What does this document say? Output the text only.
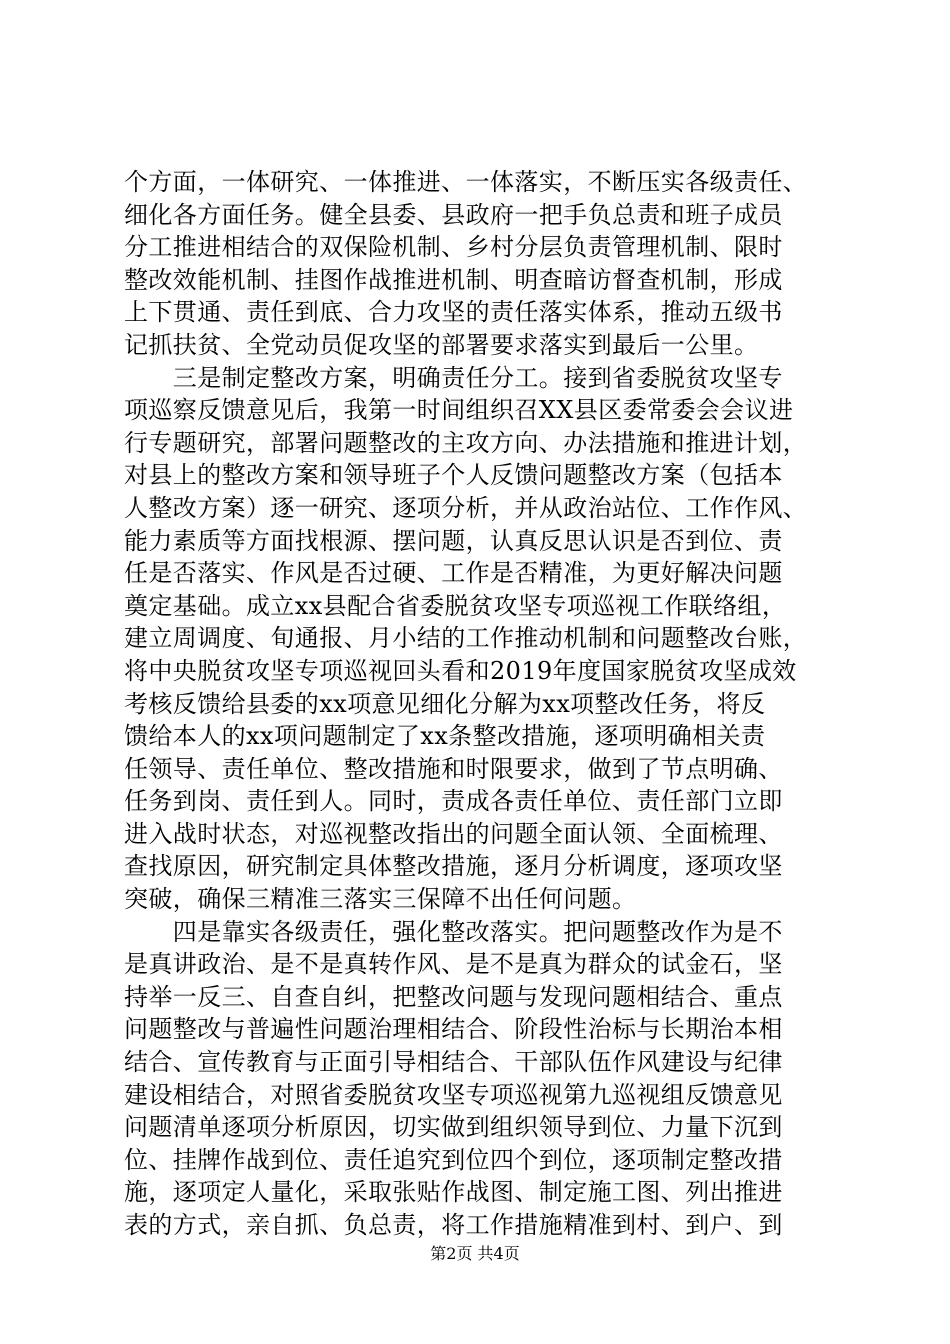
个方面，一体研究、一体推进、一体落实，不断压实各级责任、
细化各方面任务。健全县委、县政府一把手负总责和班子成员
分工推进相结合的双保险机制、乡村分层负责管理机制、限时
整改效能机制、挂图作战推进机制、明查暗访督查机制，形成
上下贯通、责任到底、合力攻坚的责任落实体系，推动五级书
记抓扶贫、全党动员促攻坚的部署要求落实到最后一公里。
　　三是制定整改方案，明确责任分工。接到省委脱贫攻坚专
项巡察反馈意见后，我第一时间组织召XX县区委常委会会议进
行专题研究，部署问题整改的主攻方向、办法措施和推进计划，
对县上的整改方案和领导班子个人反馈问题整改方案（包括本
人整改方案）逐一研究、逐项分析，并从政治站位、工作作风、
能力素质等方面找根源、摆问题，认真反思认识是否到位、责
任是否落实、作风是否过硬、工作是否精准，为更好解决问题
奠定基础。成立xx县配合省委脱贫攻坚专项巡视工作联络组，
建立周调度、旬通报、月小结的工作推动机制和问题整改台账，
将中央脱贫攻坚专项巡视回头看和2019年度国家脱贫攻坚成效
考核反馈给县委的xx项意见细化分解为xx项整改任务，将反
馈给本人的xx项问题制定了xx条整改措施，逐项明确相关责
任领导、责任单位、整改措施和时限要求，做到了节点明确、
任务到岗、责任到人。同时，责成各责任单位、责任部门立即
进入战时状态，对巡视整改指出的问题全面认领、全面梳理、
查找原因，研究制定具体整改措施，逐月分析调度，逐项攻坚
突破，确保三精准三落实三保障不出任何问题。
　　四是靠实各级责任，强化整改落实。把问题整改作为是不
是真讲政治、是不是真转作风、是不是真为群众的试金石，坚
持举一反三、自查自纠，把整改问题与发现问题相结合、重点
问题整改与普遍性问题治理相结合、阶段性治标与长期治本相
结合、宣传教育与正面引导相结合、干部队伍作风建设与纪律
建设相结合，对照省委脱贫攻坚专项巡视第九巡视组反馈意见
问题清单逐项分析原因，切实做到组织领导到位、力量下沉到
位、挂牌作战到位、责任追究到位四个到位，逐项制定整改措
施，逐项定人量化，采取张贴作战图、制定施工图、列出推进
表的方式，亲自抓、负总责，将工作措施精准到村、到户、到
第2页 共4页
